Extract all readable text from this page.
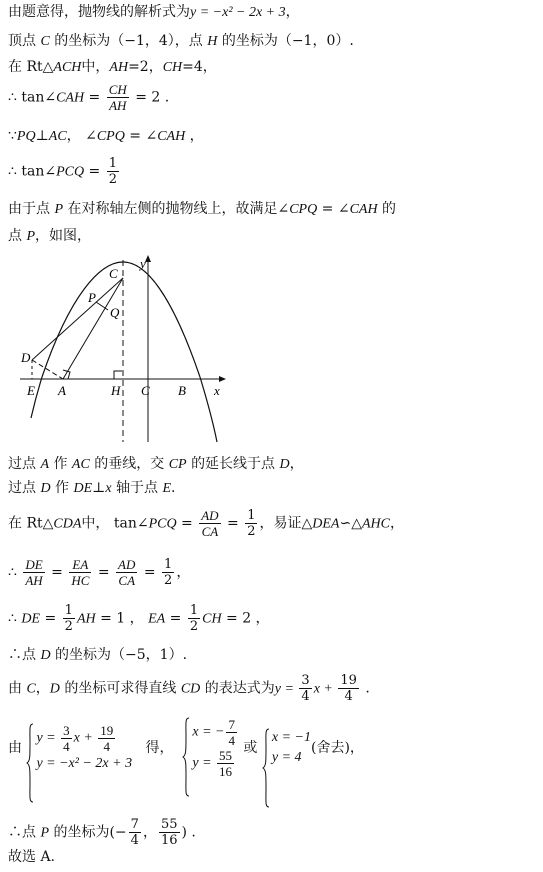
由题意得，抛物线的解析式为y = −x² − 2x + 3，
顶点 C 的坐标为（−1，4），点 H 的坐标为（−1，0）.
在 Rt△ACH中，AH=2，CH=4，
∴ tan∠CAH = $\frac{CH}{AH} = 2$ .
∵PQ⊥AC， ∠CPQ = ∠CAH ，
∴ tan∠PCQ = $\frac{1}{2}$
由于点 P 在对称轴左侧的抛物线上，故满足∠CPQ = ∠CAH 的
点 P，如图，
C
y
P
Q
D
E A	H C B x
过点 A 作 AC 的垂线，交 CP 的延长线于点 D，
过点 D 作 DE⊥x 轴于点 E.
在 Rt△CDA中， tan∠PCQ = $\frac{AD}{CA} = \frac{1}{2}$ ，易证△DEA∽△AHC，
∴ $\frac{DE}{AH} = \frac{EA}{HC} = \frac{AD}{CA} = \frac{1}{2}$ ，
∴ DE = $\frac{1}{2}$ AH = 1 ， EA = $\frac{1}{2}$ CH = 2 ，
∴点 D 的坐标为（−5，1）.
由 C，D 的坐标可求得直线 CD 的表达式为$y = \frac{3}{4}$ $x + \frac{19}{4}$ .
由
$y = \frac{3}{4}$ $x + \frac{19}{4}$
y = −x² − 2x + 3
得，
x = − $\frac{7}{4}$
$y = \frac{55}{16}$ 或
x = −1
y = 4
(舍去)，
∴点 P 的坐标为(− $\frac{7}{4}$ ， $\frac{55}{16}$ ) .
故选 A.
